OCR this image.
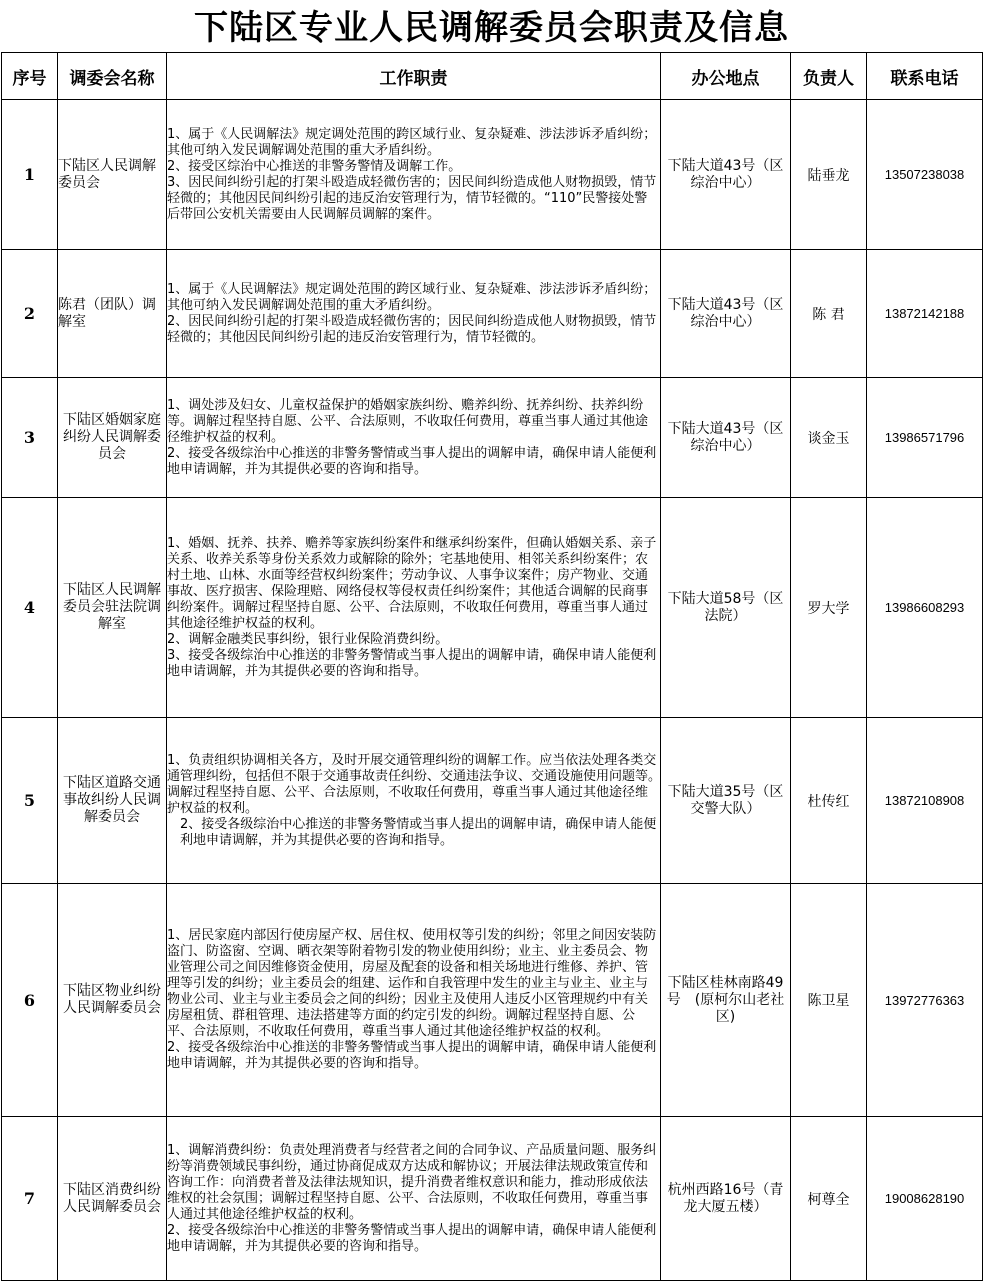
下陆区专业人民调解委员会职责及信息
序号	调委会名称	工作职责	办公地点	负责人	联系电话
1	下陆区人民调解委员会	1、属于《人民调解法》规定调处范围的跨区域行业、复杂疑难、涉法涉诉矛盾纠纷；其他可纳入发民调解调处范围的重大矛盾纠纷。
2、接受区综治中心推送的非警务警情及调解工作。
3、因民间纠纷引起的打架斗殴造成轻微伤害的；因民间纠纷造成他人财物损毁，情节轻微的；其他因民间纠纷引起的违反治安管理行为，情节轻微的。“110”民警接处警后带回公安机关需要由人民调解员调解的案件。	下陆大道43号（区综治中心）	陆垂龙	13507238038
2	陈君（团队）调解室	1、属于《人民调解法》规定调处范围的跨区域行业、复杂疑难、涉法涉诉矛盾纠纷；其他可纳入发民调解调处范围的重大矛盾纠纷。
2、因民间纠纷引起的打架斗殴造成轻微伤害的；因民间纠纷造成他人财物损毁，情节轻微的；其他因民间纠纷引起的违反治安管理行为，情节轻微的。	下陆大道43号（区综治中心）	陈 君	13872142188
3	下陆区婚姻家庭纠纷人民调解委员会	1、调处涉及妇女、儿童权益保护的婚姻家族纠纷、赡养纠纷、抚养纠纷、扶养纠纷等。调解过程坚持自愿、公平、合法原则，不收取任何费用，尊重当事人通过其他途径维护权益的权利。
2、接受各级综治中心推送的非警务警情或当事人提出的调解申请，确保申请人能便利地申请调解，并为其提供必要的咨询和指导。	下陆大道43号（区综治中心）	谈金玉	13986571796
4	下陆区人民调解委员会驻法院调解室	1、婚姻、抚养、扶养、赡养等家族纠纷案件和继承纠纷案件，但确认婚姻关系、亲子关系、收养关系等身份关系效力或解除的除外；宅基地使用、相邻关系纠纷案件；农村土地、山林、水面等经营权纠纷案件；劳动争议、人事争议案件；房产物业、交通事故、医疗损害、保险理赔、网络侵权等侵权责任纠纷案件；其他适合调解的民商事纠纷案件。调解过程坚持自愿、公平、合法原则，不收取任何费用，尊重当事人通过其他途径维护权益的权利。
2、调解金融类民事纠纷，银行业保险消费纠纷。
3、接受各级综治中心推送的非警务警情或当事人提出的调解申请，确保申请人能便利地申请调解，并为其提供必要的咨询和指导。	下陆大道58号（区法院）	罗大学	13986608293
5	下陆区道路交通事故纠纷人民调解委员会	1、负责组织协调相关各方，及时开展交通管理纠纷的调解工作。应当依法处理各类交通管理纠纷，包括但不限于交通事故责任纠纷、交通违法争议、交通设施使用问题等。　调解过程坚持自愿、公平、合法原则，不收取任何费用，尊重当事人通过其他途径维护权益的权利。
2、接受各级综治中心推送的非警务警情或当事人提出的调解申请，确保申请人能便利地申请调解，并为其提供必要的咨询和指导。	下陆大道35号（区交警大队）	杜传红	13872108908
6	下陆区物业纠纷人民调解委员会	1、居民家庭内部因行使房屋产权、居住权、使用权等引发的纠纷；邻里之间因安装防盗门、防盗窗、空调、晒衣架等附着物引发的物业使用纠纷；业主、业主委员会、物业管理公司之间因维修资金使用，房屋及配套的设备和相关场地进行维修、养护、管理等引发的纠纷；业主委员会的组建、运作和自我管理中发生的业主与业主、业主与物业公司、业主与业主委员会之间的纠纷；因业主及使用人违反小区管理规约中有关房屋租赁、群租管理、违法搭建等方面的约定引发的纠纷。调解过程坚持自愿、公平、合法原则，不收取任何费用，尊重当事人通过其他途径维护权益的权利。
2、接受各级综治中心推送的非警务警情或当事人提出的调解申请，确保申请人能便利地申请调解，并为其提供必要的咨询和指导。	下陆区桂林南路49号　(原柯尔山老社区)	陈卫星	13972776363
7	下陆区消费纠纷人民调解委员会	1、调解消费纠纷：负责处理消费者与经营者之间的合同争议、产品质量问题、服务纠纷等消费领域民事纠纷，通过协商促成双方达成和解协议；开展法律法规政策宣传和咨询工作：向消费者普及法律法规知识，提升消费者维权意识和能力，推动形成依法维权的社会氛围；调解过程坚持自愿、公平、合法原则，不收取任何费用，尊重当事人通过其他途径维护权益的权利。
2、接受各级综治中心推送的非警务警情或当事人提出的调解申请，确保申请人能便利地申请调解，并为其提供必要的咨询和指导。	杭州西路16号（青龙大厦五楼）	柯尊全	19008628190
